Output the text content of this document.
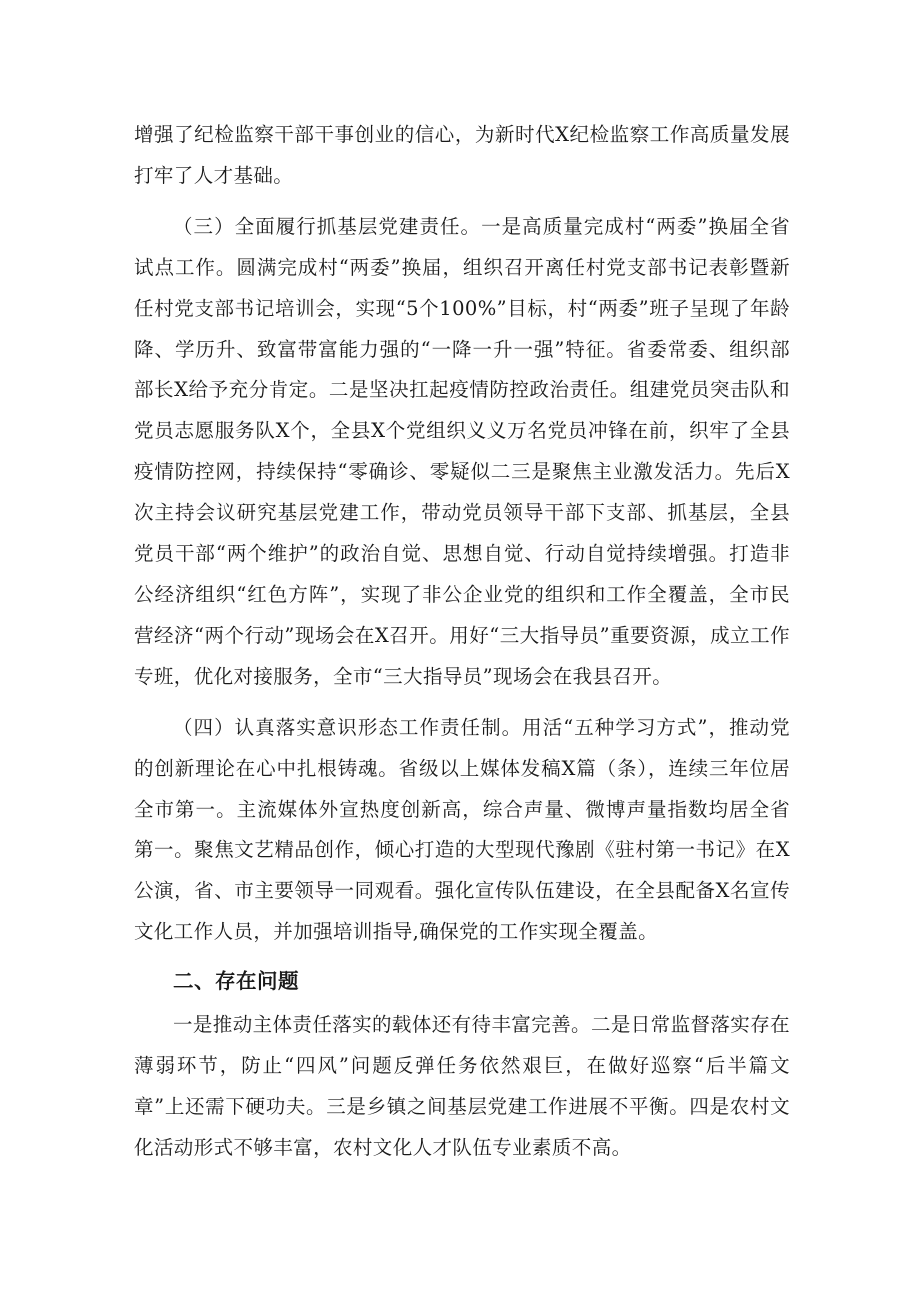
增强了纪检监察干部干事创业的信心，为新时代X纪检监察工作高质量发展打牢了人才基础。

（三）全面履行抓基层党建责任。一是高质量完成村“两委”换届全省试点工作。圆满完成村“两委”换届，组织召开离任村党支部书记表彰暨新任村党支部书记培训会，实现“5个100%”目标，村“两委”班子呈现了年龄降、学历升、致富带富能力强的“一降一升一强”特征。省委常委、组织部部长X给予充分肯定。二是坚决扛起疫情防控政治责任。组建党员突击队和党员志愿服务队X个，全县X个党组织义义万名党员冲锋在前，织牢了全县疫情防控网，持续保持“零确诊、零疑似二三是聚焦主业激发活力。先后X次主持会议研究基层党建工作，带动党员领导干部下支部、抓基层，全县党员干部“两个维护”的政治自觉、思想自觉、行动自觉持续增强。打造非公经济组织“红色方阵”，实现了非公企业党的组织和工作全覆盖，全市民营经济“两个行动”现场会在X召开。用好“三大指导员”重要资源，成立工作专班，优化对接服务，全市“三大指导员”现场会在我县召开。

（四）认真落实意识形态工作责任制。用活“五种学习方式”，推动党的创新理论在心中扎根铸魂。省级以上媒体发稿X篇（条），连续三年位居全市第一。主流媒体外宣热度创新高，综合声量、微博声量指数均居全省第一。聚焦文艺精品创作，倾心打造的大型现代豫剧《驻村第一书记》在X公演，省、市主要领导一同观看。强化宣传队伍建设，在全县配备X名宣传文化工作人员，并加强培训指导,确保党的工作实现全覆盖。

二、存在问题

一是推动主体责任落实的载体还有待丰富完善。二是日常监督落实存在薄弱环节，防止“四风”问题反弹任务依然艰巨，在做好巡察“后半篇文章”上还需下硬功夫。三是乡镇之间基层党建工作进展不平衡。四是农村文化活动形式不够丰富，农村文化人才队伍专业素质不高。
